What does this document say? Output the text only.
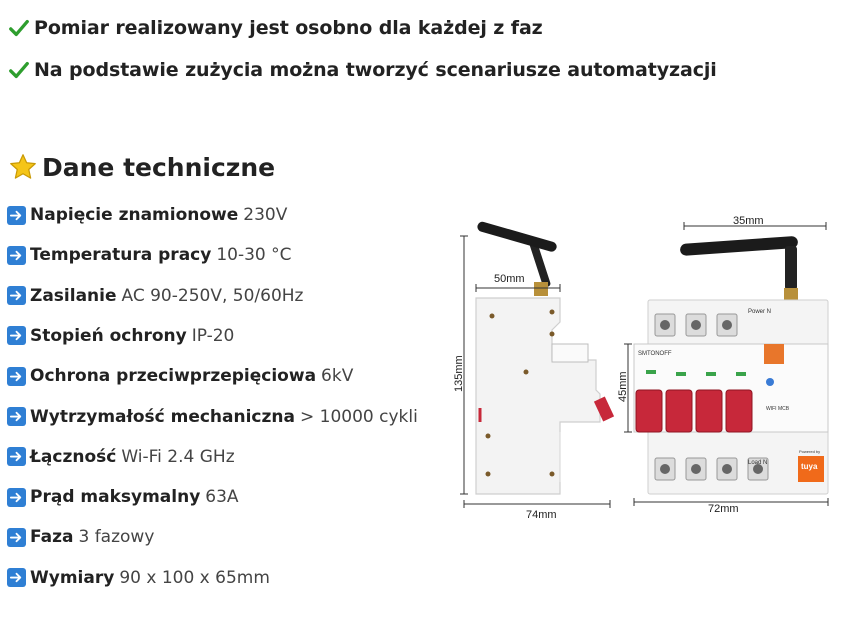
Pomiar realizowany jest osobno dla każdej z faz
Na podstawie zużycia można tworzyć scenariusze automatyzacji
Dane techniczne
Napięcie znamionowe 230V
Temperatura pracy 10-30 °C
Zasilanie AC 90-250V, 50/60Hz
Stopień ochrony IP-20
Ochrona przeciwprzepięciowa 6kV
Wytrzymałość mechaniczna > 10000 cykli
Łączność Wi-Fi 2.4 GHz
Prąd maksymalny 63A
Faza 3 fazowy
Wymiary 90 x 100 x 65mm
50mm
35mm
135mm	45mm
74mm	72mm
SMTONOFF
Power N
Load N
WIFI MCB
Powered by
tuya
